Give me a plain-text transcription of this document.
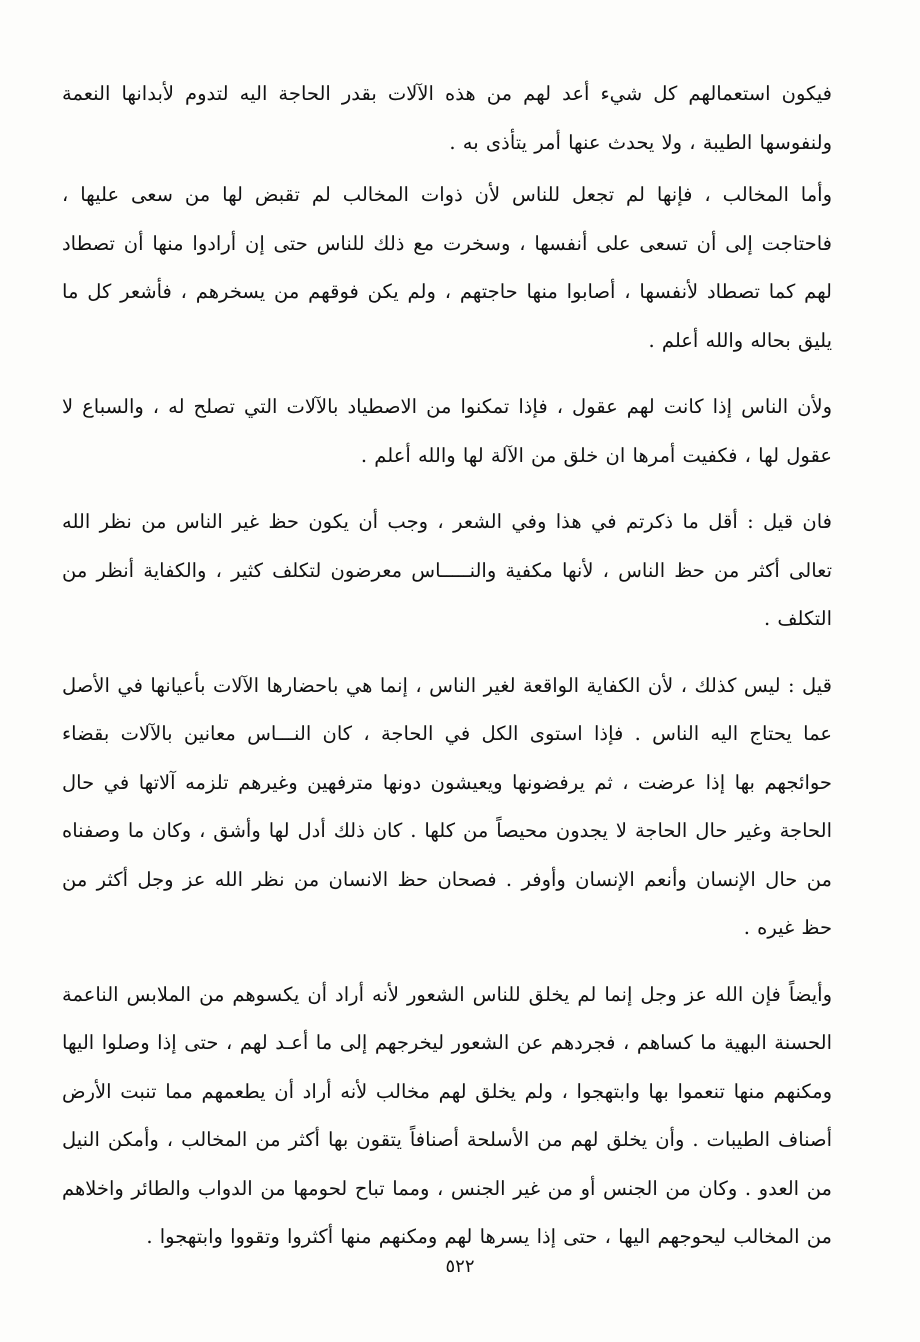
فيكون استعمالهم كل شيء أعد لهم من هذه الآلات بقدر الحاجة اليه لتدوم لأبدانها النعمة ولنفوسها الطيبة ، ولا يحدث عنها أمر يتأذى به .

وأما المخالب ، فإنها لم تجعل للناس لأن ذوات المخالب لم تقبض لها من سعى عليها ، فاحتاجت إلى أن تسعى على أنفسها ، وسخرت مع ذلك للناس حتى إن أرادوا منها أن تصطاد لهم كما تصطاد لأنفسها ، أصابوا منها حاجتهم ، ولم يكن فوقهم من يسخرهم ، فأشعر كل ما يليق بحاله والله أعلم .

ولأن الناس إذا كانت لهم عقول ، فإذا تمكنوا من الاصطياد بالآلات التي تصلح له ، والسباع لا عقول لها ، فكفيت أمرها ان خلق من الآلة لها والله أعلم .

فان قيل : أقل ما ذكرتم في هذا وفي الشعر ، وجب أن يكون حظ غير الناس من نظر الله تعالى أكثر من حظ الناس ، لأنها مكفية والنـــــاس معرضون لتكلف كثير ، والكفاية أنظر من التكلف .

قيل : ليس كذلك ، لأن الكفاية الواقعة لغير الناس ، إنما هي باحضارها الآلات بأعيانها في الأصل عما يحتاج اليه الناس . فإذا استوى الكل في الحاجة ، كان النـــاس معانين بالآلات بقضاء حوائجهم بها إذا عرضت ، ثم يرفضونها ويعيشون دونها مترفهين وغيرهم تلزمه آلاتها في حال الحاجة وغير حال الحاجة لا يجدون محيصاً من كلها . كان ذلك أدل لها وأشق ، وكان ما وصفناه من حال الإنسان وأنعم الإنسان وأوفر . فصحان حظ الانسان من نظر الله عز وجل أكثر من حظ غيره .

وأيضاً فإن الله عز وجل إنما لم يخلق للناس الشعور لأنه أراد أن يكسوهم من الملابس الناعمة الحسنة البهية ما كساهم ، فجردهم عن الشعور ليخرجهم إلى ما أعـد لهم ، حتى إذا وصلوا اليها ومكنهم منها تنعموا بها وابتهجوا ، ولم يخلق لهم مخالب لأنه أراد أن يطعمهم مما تنبت الأرض أصناف الطيبات . وأن يخلق لهم من الأسلحة أصنافاً يتقون بها أكثر من المخالب ، وأمكن النيل من العدو . وكان من الجنس أو من غير الجنس ، ومما تباح لحومها من الدواب والطائر واخلاهم من المخالب ليحوجهم اليها ، حتى إذا يسرها لهم ومكنهم منها أكثروا وتقووا وابتهجوا .

٥٢٢
